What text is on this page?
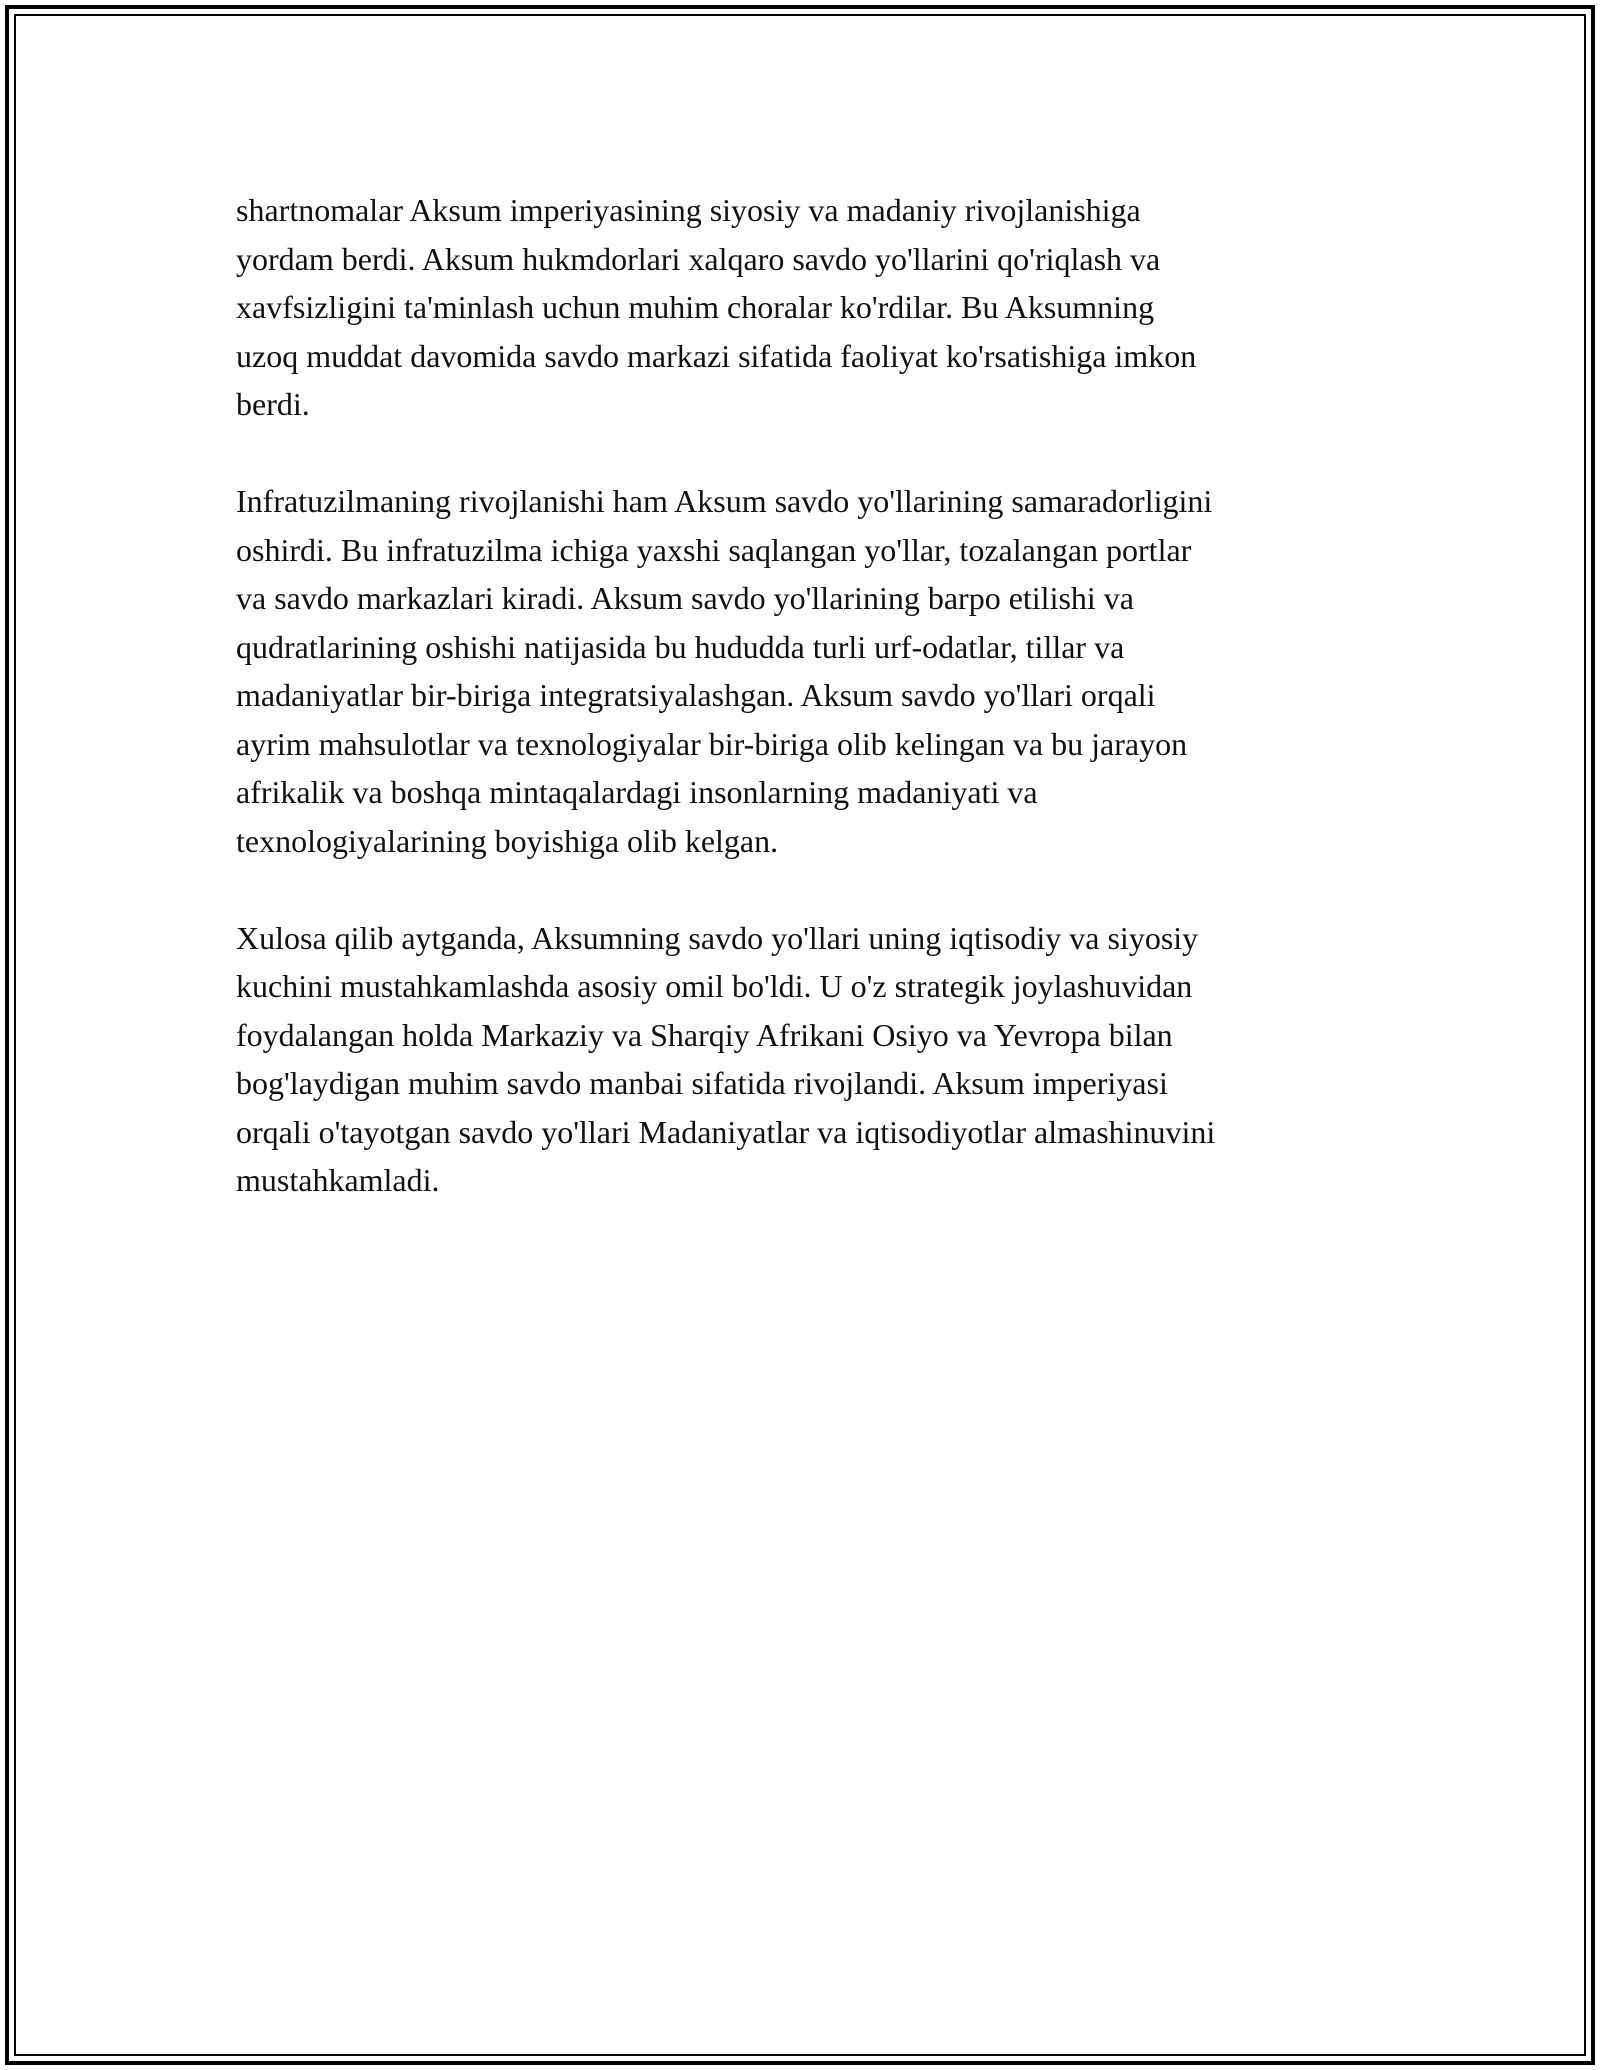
shartnomalar Aksum imperiyasining siyosiy va madaniy rivojlanishiga
yordam berdi. Aksum hukmdorlari xalqaro savdo yo'llarini qo'riqlash va
xavfsizligini ta'minlash uchun muhim choralar ko'rdilar. Bu Aksumning
uzoq muddat davomida savdo markazi sifatida faoliyat ko'rsatishiga imkon
berdi.

Infratuzilmaning rivojlanishi ham Aksum savdo yo'llarining samaradorligini
oshirdi. Bu infratuzilma ichiga yaxshi saqlangan yo'llar, tozalangan portlar
va savdo markazlari kiradi. Aksum savdo yo'llarining barpo etilishi va
qudratlarining oshishi natijasida bu hududda turli urf-odatlar, tillar va
madaniyatlar bir-biriga integratsiyalashgan. Aksum savdo yo'llari orqali
ayrim mahsulotlar va texnologiyalar bir-biriga olib kelingan va bu jarayon
afrikalik va boshqa mintaqalardagi insonlarning madaniyati va
texnologiyalarining boyishiga olib kelgan.

Xulosa qilib aytganda, Aksumning savdo yo'llari uning iqtisodiy va siyosiy
kuchini mustahkamlashda asosiy omil bo'ldi. U o'z strategik joylashuvidan
foydalangan holda Markaziy va Sharqiy Afrikani Osiyo va Yevropa bilan
bog'laydigan muhim savdo manbai sifatida rivojlandi. Aksum imperiyasi
orqali o'tayotgan savdo yo'llari Madaniyatlar va iqtisodiyotlar almashinuvini
mustahkamladi.
